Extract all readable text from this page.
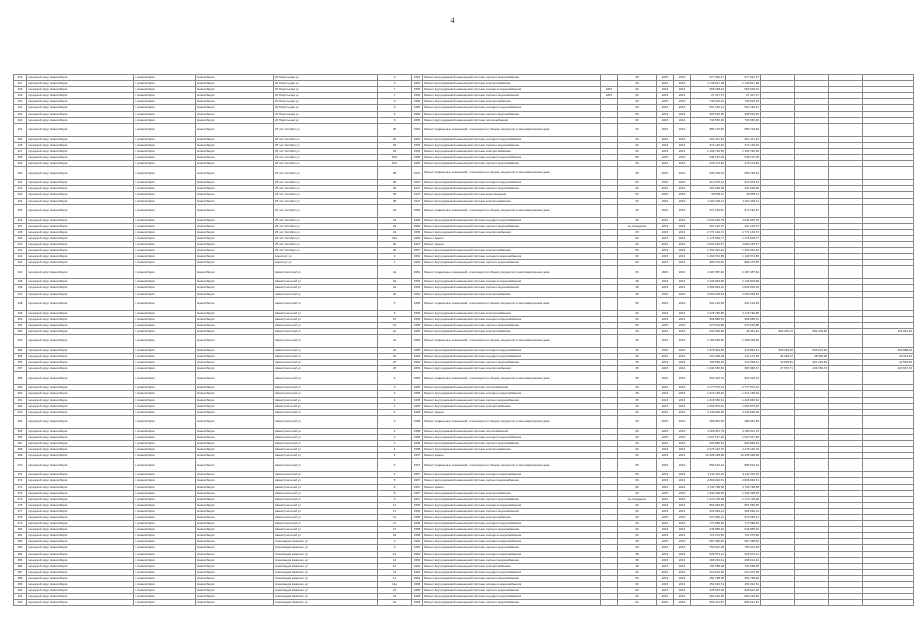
4
216	городской округ Новосибирск	г. Новосибирск	Новосибирск	20 Партсъезда ул	6	1952	Ремонт внутридомовой инженерной системы горячего водоснабжения		38	2015	2016	677 942,27	677 942,27				
217	городской округ Новосибирск	г. Новосибирск	Новосибирск	20 Партсъезда ул	6	1952	Ремонт внутридомовой инженерной системы электроснабжения		38	2015	2016	1 749 817,28	1 749 817,28				
218	городской округ Новосибирск	г. Новосибирск	Новосибирск	20 Партсъезда ул	7	1956	Ремонт внутридомовой инженерной системы холодного водоснабжения	1867	60	2015	2016	599 038,44	599 038,44				
219	городской округ Новосибирск	г. Новосибирск	Новосибирск	20 Партсъезда ул	7	1956	Ремонт внутридомовой инженерной системы горячего водоснабжения	1867	60	2015	2016	27 417,27	27 417,27				
220	городской округ Новосибирск	г. Новосибирск	Новосибирск	20 Партсъезда ул	9	1956	Ремонт внутридомовой инженерной системы электроснабжения		60	2015	2016	743 624,23	743 624,23				
221	городской округ Новосибирск	г. Новосибирск	Новосибирск	20 Партсъезда ул	9	1956	Ремонт внутридомовой инженерной системы холодного водоснабжения		60	2015	2016	561 160,31	561 160,31				
222	городской округ Новосибирск	г. Новосибирск	Новосибирск	20 Партсъезда ул	9	1956	Ремонт внутридомовой инженерной системы горячего водоснабжения		60	2015	2016	365 523,55	365 523,55				
223	городской округ Новосибирск	г. Новосибирск	Новосибирск	20 Партсъезда ул	9	1956	Ремонт внутридомовой инженерной системы теплоснабжения		60	2015	2016	733 565,30	733 565,30				
224	городской округ Новосибирск	г. Новосибирск	Новосибирск	25 лет Октября ул	25	1952	Ремонт подвальных помещений, относящихся к общему имуществу в многоквартирном доме		60	2015	2016	885 726,82	885 726,82				
225	городской округ Новосибирск	г. Новосибирск	Новосибирск	25 лет Октября ул	25	1952	Ремонт внутридомовой инженерной системы холодного водоснабжения		60	2015	2016	351 417,64	351 417,64				
226	городской округ Новосибирск	г. Новосибирск	Новосибирск	25 лет Октября ул	25	1952	Ремонт внутридомовой инженерной системы горячего водоснабжения		60	2015	2016	372 136,63	372 136,63				
227	городской округ Новосибирск	г. Новосибирск	Новосибирск	25 лет Октября ул	25	1952	Ремонт внутридомовой инженерной системы электроснабжения		60	2015	2016	1 169 792,56	1 169 792,56				
228	городской округ Новосибирск	г. Новосибирск	Новосибирск	25 лет Октября ул	25/1	1955	Ремонт внутридомовой инженерной системы холодного водоснабжения		55	2015	2016	548 197,09	548 197,09				
229	городской округ Новосибирск	г. Новосибирск	Новосибирск	25 лет Октября ул	25/1	1955	Ремонт внутридомовой инженерной системы горячего водоснабжения		55	2015	2016	479 173,84	479 173,84				
230	городской округ Новосибирск	г. Новосибирск	Новосибирск	25 лет Октября ул	28	1947	Ремонт подвальных помещений, относящихся к общему имуществу в многоквартирном доме		38	2015	2016	695 766,33	695 766,33				
231	городской округ Новосибирск	г. Новосибирск	Новосибирск	25 лет Октября ул	28	1947	Ремонт внутридомовой инженерной системы холодного водоснабжения		60	2015	2016	912 076,42	912 076,42				
232	городской округ Новосибирск	г. Новосибирск	Новосибирск	25 лет Октября ул	28	1947	Ремонт внутридомовой инженерной системы горячего водоснабжения		60	2015	2016	451 618,08	451 618,08				
233	городской округ Новосибирск	г. Новосибирск	Новосибирск	25 лет Октября ул	28	1947	Ремонт внутридомовой инженерной системы водоотведения		60	2015	2016	59 655,11	59 655,11				
234	городской округ Новосибирск	г. Новосибирск	Новосибирск	25 лет Октября ул	28	1947	Ремонт внутридомовой инженерной системы электроснабжения		60	2015	2016	1 024 164,11	1 024 164,11				
235	городской округ Новосибирск	г. Новосибирск	Новосибирск	25 лет Октября ул	34	1956	Ремонт подвальных помещений, относящихся к общему имуществу в многоквартирном доме		25	2015	2016	971 140,87	971 140,87				
236	городской округ Новосибирск	г. Новосибирск	Новосибирск	25 лет Октября ул	34	1956	Ремонт внутридомовой инженерной системы холодного водоснабжения		25	2015	2016	2 034 945,79	2 034 945,79				
237	городской округ Новосибирск	г. Новосибирск	Новосибирск	25 лет Октября ул	34	1956	Ремонт внутридомовой инженерной системы горячего водоснабжения		не определен	2015	2016	201 102,07	201 102,07				
238	городской округ Новосибирск	г. Новосибирск	Новосибирск	25 лет Октября ул	34	1956	Ремонт внутридомовой инженерной системы электроснабжения		25	2015	2016	2 772 146,72	2 772 146,72				
239	городской округ Новосибирск	г. Новосибирск	Новосибирск	25 лет Октября ул	34а	1956	Ремонт крыши		60	2015	2016	1 176 609,77	1 176 609,77				
240	городской округ Новосибирск	г. Новосибирск	Новосибирск	25 лет Октября ул	36	1957	Ремонт крыши		60	2015	2016	2 503 163,57	2 503 163,57				
241	городской округ Новосибирск	г. Новосибирск	Новосибирск	25 лет Октября ул	36	1957	Ремонт внутридомовой инженерной системы электроснабжения		60	2015	2016	1 150 491,44	1 150 491,44				
242	городской округ Новосибирск	г. Новосибирск	Новосибирск	Аэропорт ул	3	1952	Ремонт внутридомовой инженерной системы холодного водоснабжения		60	2015	2016	1 193 572,85	1 193 572,85				
243	городской округ Новосибирск	г. Новосибирск	Новосибирск	Аэропорт ул	3	1952	Ремонт внутридомовой инженерной системы горячего водоснабжения		60	2015	2016	980 176,65	980 176,65				
244	городской округ Новосибирск	г. Новосибирск	Новосибирск	Авиастроителей ул	3а	1952	Ремонт подвальных помещений, относящихся к общему имуществу в многоквартирном доме		65	2015	2016	2 187 987,94	2 187 987,94				
245	городской округ Новосибирск	г. Новосибирск	Новосибирск	Авиастроителей ул	3а	1952	Ремонт внутридомовой инженерной системы холодного водоснабжения		38	2015	2016	2 136 804,68	2 136 804,68				
246	городской округ Новосибирск	г. Новосибирск	Новосибирск	Авиастроителей ул	3а	1952	Ремонт внутридомовой инженерной системы горячего водоснабжения		38	2015	2016	1 069 963,22	1 069 963,22				
247	городской округ Новосибирск	г. Новосибирск	Новосибирск	Авиастроителей ул	3а	1952	Ремонт внутридомовой инженерной системы электроснабжения		38	2015	2016	2 059 209,84	2 059 209,84				
248	городской округ Новосибирск	г. Новосибирск	Новосибирск	Авиастроителей ул	5	1956	Ремонт подвальных помещений, относящихся к общему имуществу в многоквартирном доме		58	2015	2016	902 124,83	902 124,83				
249	городской округ Новосибирск	г. Новосибирск	Новосибирск	Авиастроителей ул	5	1956	Ремонт внутридомовой инженерной системы электроснабжения		60	2015	2016	4 178 790,85	4 178 790,85				
250	городской округ Новосибирск	г. Новосибирск	Новосибирск	Авиастроителей ул	15	1955	Ремонт внутридомовой инженерной системы холодного водоснабжения		60	2015	2016	968 580,51	968 580,51				
251	городской округ Новосибирск	г. Новосибирск	Новосибирск	Авиастроителей ул	15	1955	Ремонт внутридомовой инженерной системы горячего водоснабжения		65	2015	2016	470 616,88	470 616,88				
252	городской округ Новосибирск	г. Новосибирск	Новосибирск	Авиастроителей ул	2а	1955	Ремонт внутридомовой инженерной системы электроснабжения		38	2015	2016	633 536,85	49 361,20	583 205,37	584 978,56		104 861,36
253	городской округ Новосибирск	г. Новосибирск	Новосибирск	Авиастроителей ул	2а	1955	Ремонт подвальных помещений, относящихся к общему имуществу в многоквартирном доме		46	2015	2016	1 158 269,60	1 158 269,60				
254	городской округ Новосибирск	г. Новосибирск	Новосибирск	Авиастроителей ул	2а	1955	Ремонт внутридомовой инженерной системы холодного водоснабжения		45	2015	2016	1 379 944,82	475 891,41	505 649,25	506 623,69		469 988,04
255	городской округ Новосибирск	г. Новосибирск	Новосибирск	Авиастроителей ул	2б	1953	Ремонт внутридомовой инженерной системы холодного водоснабжения		45	2015	2016	202 468,09	121 173,66	36 349,27	38 956,08		45 943,45
256	городской округ Новосибирск	г. Новосибирск	Новосибирск	Авиастроителей ул	2б	1953	Ремонт внутридомовой инженерной системы горячего водоснабжения		45	2015	2016	195 669,45	113 928,41	33 905,81	691 149,49		42 506,65
257	городской округ Новосибирск	г. Новосибирск	Новосибирск	Авиастроителей ул	2б	1953	Ремонт внутридомовой инженерной системы электроснабжения		45	2015	2016	1 334 545,84	687 868,37	37 576,71	169 383,73		220 637,33
258	городской округ Новосибирск	г. Новосибирск	Новосибирск	Авиастроителей ул	3	1955	Ремонт подвальных помещений, относящихся к общему имуществу в многоквартирном доме		58	2015	2016	904 323,76	904 323,76				
259	городской округ Новосибирск	г. Новосибирск	Новосибирск	Авиастроителей ул	3	1955	Ремонт внутридомовой инженерной системы теплоснабжения		45	2015	2016	2 777 572,01	2 777 572,01				
260	городской округ Новосибирск	г. Новосибирск	Новосибирск	Авиастроителей ул	3	1955	Ремонт внутридомовой инженерной системы холодного водоснабжения		45	2015	2016	1 372 135,63	1 372 135,63				
261	городской округ Новосибирск	г. Новосибирск	Новосибирск	Авиастроителей ул	3	1955	Ремонт внутридомовой инженерной системы горячего водоснабжения		45	2015	2016	1 218 366,64	1 218 366,64				
262	городской округ Новосибирск	г. Новосибирск	Новосибирск	Авиастроителей ул	3	1955	Ремонт внутридомовой инженерной системы электроснабжения		45	2015	2016	1 054 875,49	1 054 875,49				
263	городской округ Новосибирск	г. Новосибирск	Новосибирск	Авиастроителей ул	4	1958	Ремонт крыши		60	2015	2016	3 145 936,35	3 145 936,35				
264	городской округ Новосибирск	г. Новосибирск	Новосибирск	Авиастроителей ул	4	1958	Ремонт подвальных помещений, относящихся к общему имуществу в многоквартирном доме		25	2015	2016	489 951,69	489 951,69				
265	городской округ Новосибирск	г. Новосибирск	Новосибирск	Авиастроителей ул	4	1958	Ремонт внутридомовой инженерной системы теплоснабжения		60	2015	2016	2 066 511,79	2 066 511,79				
266	городской округ Новосибирск	г. Новосибирск	Новосибирск	Авиастроителей ул	4	1958	Ремонт внутридомовой инженерной системы холодного водоснабжения		60	2015	2016	1 027 617,36	1 027 617,36				
267	городской округ Новосибирск	г. Новосибирск	Новосибирск	Авиастроителей ул	4	1958	Ремонт внутридомовой инженерной системы горячего водоснабжения		60	2015	2016	906 865,53	906 865,53				
268	городской округ Новосибирск	г. Новосибирск	Новосибирск	Авиастроителей ул	4	1958	Ремонт внутридомовой инженерной системы электроснабжения		60	2015	2016	2 276 140,70	2 276 140,70				
269	городской округ Новосибирск	г. Новосибирск	Новосибирск	Авиастроителей ул	6	1957	Ремонт крыши		60	2015	2016	10 298 328,99	10 298 328,99				
270	городской округ Новосибирск	г. Новосибирск	Новосибирск	Авиастроителей ул	6	1957	Ремонт подвальных помещений, относящихся к общему имуществу в многоквартирном доме		58	2015	2016	895 624,24	895 624,24				
271	городской округ Новосибирск	г. Новосибирск	Новосибирск	Авиастроителей ул	6	1957	Ремонт внутридомовой инженерной системы холодного водоснабжения		60	2015	2016	3 132 115,15	3 132 115,15				
272	городской округ Новосибирск	г. Новосибирск	Новосибирск	Авиастроителей ул	6	1957	Ремонт внутридомовой инженерной системы горячего водоснабжения		60	2015	2016	2 806 992,51	2 806 992,51				
273	городской округ Новосибирск	г. Новосибирск	Новосибирск	Авиастроителей ул	8	1957	Ремонт крыши		60	2015	2016	4 743 768,58	4 743 768,58				
274	городской округ Новосибирск	г. Новосибирск	Новосибирск	Авиастроителей ул	8	1957	Ремонт внутридомовой инженерной системы электроснабжения		60	2015	2016	1 344 328,65	1 344 328,65				
275	городской округ Новосибирск	г. Новосибирск	Новосибирск	Авиастроителей ул	8	1957	Ремонт внутридомовой инженерной системы горячего водоснабжения		не определен	2015	2016	1 173 726,68	1 173 726,68				
276	городской округ Новосибирск	г. Новосибирск	Новосибирск	Авиастроителей ул	11	1955	Ремонт внутридомовой инженерной системы холодного водоснабжения		60	2015	2016	854 584,56	854 584,56				
277	городской округ Новосибирск	г. Новосибирск	Новосибирск	Авиастроителей ул	11	1955	Ремонт внутридомовой инженерной системы горячего водоснабжения		60	2015	2016	265 963,14	265 963,14				
278	городской округ Новосибирск	г. Новосибирск	Новосибирск	Авиастроителей ул	11	1955	Ремонт внутридомовой инженерной системы электроснабжения		60	2015	2016	674 996,21	674 996,21				
279	городской округ Новосибирск	г. Новосибирск	Новосибирск	Авиастроителей ул	27	1958	Ремонт внутридомовой инженерной системы холодного водоснабжения		60	2015	2016	773 589,50	773 589,50				
280	городской округ Новосибирск	г. Новосибирск	Новосибирск	Авиастроителей ул	27	1958	Ремонт внутридомовой инженерной системы горячего водоснабжения		60	2015	2016	649 855,62	649 855,62				
281	городской округ Новосибирск	г. Новосибирск	Новосибирск	Авиастроителей ул	29	1958	Ремонт внутридомовой инженерной системы холодного водоснабжения		60	2015	2016	721 076,82	721 076,82				
282	городской округ Новосибирск	г. Новосибирск	Новосибирск	Александра Невского ул	3	1954	Ремонт внутридомовой инженерной системы холодного водоснабжения		38	2015	2016	667 396,82	667 396,82				
283	городской округ Новосибирск	г. Новосибирск	Новосибирск	Александра Невского ул	3	1954	Ремонт внутридомовой инженерной системы горячего водоснабжения		38	2015	2016	750 912,28	750 912,28				
284	городской округ Новосибирск	г. Новосибирск	Новосибирск	Александра Невского ул	12	1954	Ремонт внутридомовой инженерной системы холодного водоснабжения		38	2015	2016	526 573,21	526 573,21				
285	городской округ Новосибирск	г. Новосибирск	Новосибирск	Александра Невского ул	12	1954	Ремонт внутридомовой инженерной системы горячего водоснабжения		38	2015	2016	468 201,44	468 201,44				
286	городской округ Новосибирск	г. Новосибирск	Новосибирск	Александра Невского ул	12	1954	Ремонт внутридомовой инженерной системы электроснабжения		38	2015	2016	794 058,28	794 058,28				
287	городской округ Новосибирск	г. Новосибирск	Новосибирск	Александра Невского ул	14	1954	Ремонт внутридомовой инженерной системы холодного водоснабжения		60	2015	2016	612 570,69	612 570,69				
288	городской округ Новосибирск	г. Новосибирск	Новосибирск	Александра Невского ул	14	1954	Ремонт внутридомовой инженерной системы горячего водоснабжения		60	2015	2016	464 798,08	464 798,08				
289	городской округ Новосибирск	г. Новосибирск	Новосибирск	Александра Невского ул	14а	1958	Ремонт внутридомовой инженерной системы холодного водоснабжения		60	2015	2016	450 316,51	450 316,51				
290	городской округ Новосибирск	г. Новосибирск	Новосибирск	Александра Невского ул	16	1958	Ремонт внутридомовой инженерной системы горячего водоснабжения		60	2015	2016	628 914,28	628 914,28				
291	городской округ Новосибирск	г. Новосибирск	Новосибирск	Александра Невского ул	16	1958	Ремонт внутридомовой инженерной системы холодного водоснабжения		60	2015	2016	581 222,65	581 222,65				
292	городской округ Новосибирск	г. Новосибирск	Новосибирск	Александра Невского ул	16	1958	Ремонт внутридомовой инженерной системы горячего водоснабжения		60	2015	2016	896 221,87	896 221,87				
